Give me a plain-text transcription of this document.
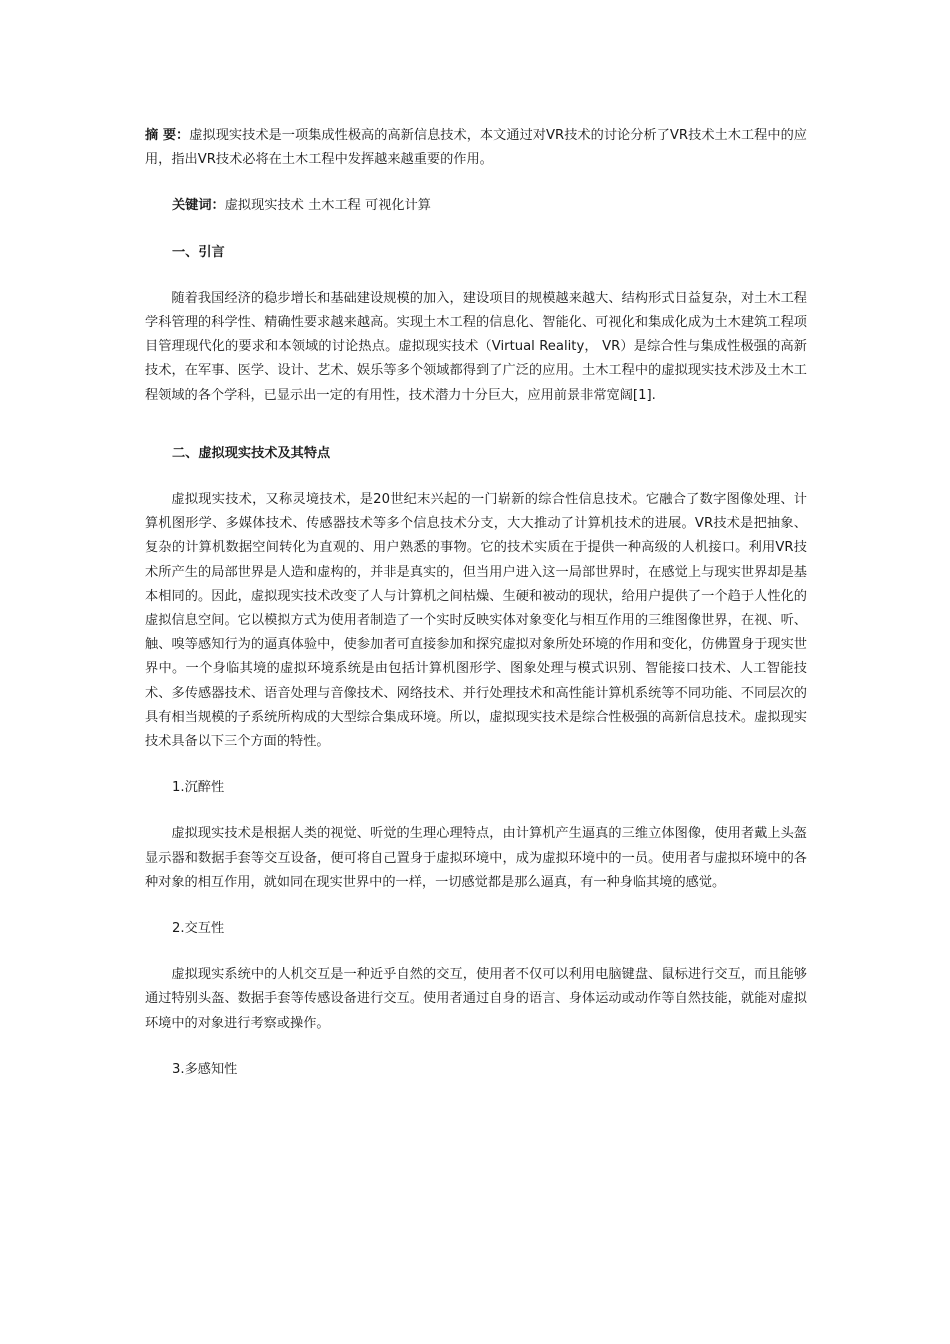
摘 要：虚拟现实技术是一项集成性极高的高新信息技术，本文通过对VR技术的讨论分析了VR技术土木工程中的应用，指出VR技术必将在土木工程中发挥越来越重要的作用。

关键词：虚拟现实技术 土木工程 可视化计算

一、引言

随着我国经济的稳步增长和基础建设规模的加入，建设项目的规模越来越大、结构形式日益复杂，对土木工程学科管理的科学性、精确性要求越来越高。实现土木工程的信息化、智能化、可视化和集成化成为土木建筑工程项目管理现代化的要求和本领域的讨论热点。虚拟现实技术（Virtual Reality， VR）是综合性与集成性极强的高新技术，在军事、医学、设计、艺术、娱乐等多个领域都得到了广泛的应用。土木工程中的虚拟现实技术涉及土木工程领域的各个学科，已显示出一定的有用性，技术潜力十分巨大，应用前景非常宽阔[1].

二、虚拟现实技术及其特点

虚拟现实技术，又称灵境技术，是20世纪末兴起的一门崭新的综合性信息技术。它融合了数字图像处理、计算机图形学、多媒体技术、传感器技术等多个信息技术分支，大大推动了计算机技术的进展。VR技术是把抽象、复杂的计算机数据空间转化为直观的、用户熟悉的事物。它的技术实质在于提供一种高级的人机接口。利用VR技术所产生的局部世界是人造和虚构的，并非是真实的，但当用户进入这一局部世界时，在感觉上与现实世界却是基本相同的。因此，虚拟现实技术改变了人与计算机之间枯燥、生硬和被动的现状，给用户提供了一个趋于人性化的虚拟信息空间。它以模拟方式为使用者制造了一个实时反映实体对象变化与相互作用的三维图像世界，在视、听、触、嗅等感知行为的逼真体验中，使参加者可直接参加和探究虚拟对象所处环境的作用和变化，仿佛置身于现实世界中。一个身临其境的虚拟环境系统是由包括计算机图形学、图象处理与模式识别、智能接口技术、人工智能技术、多传感器技术、语音处理与音像技术、网络技术、并行处理技术和高性能计算机系统等不同功能、不同层次的具有相当规模的子系统所构成的大型综合集成环境。所以，虚拟现实技术是综合性极强的高新信息技术。虚拟现实技术具备以下三个方面的特性。

1.沉醉性

虚拟现实技术是根据人类的视觉、听觉的生理心理特点，由计算机产生逼真的三维立体图像，使用者戴上头盔显示器和数据手套等交互设备，便可将自己置身于虚拟环境中，成为虚拟环境中的一员。使用者与虚拟环境中的各种对象的相互作用，就如同在现实世界中的一样，一切感觉都是那么逼真，有一种身临其境的感觉。

2.交互性

虚拟现实系统中的人机交互是一种近乎自然的交互，使用者不仅可以利用电脑键盘、鼠标进行交互，而且能够通过特别头盔、数据手套等传感设备进行交互。使用者通过自身的语言、身体运动或动作等自然技能，就能对虚拟环境中的对象进行考察或操作。

3.多感知性
